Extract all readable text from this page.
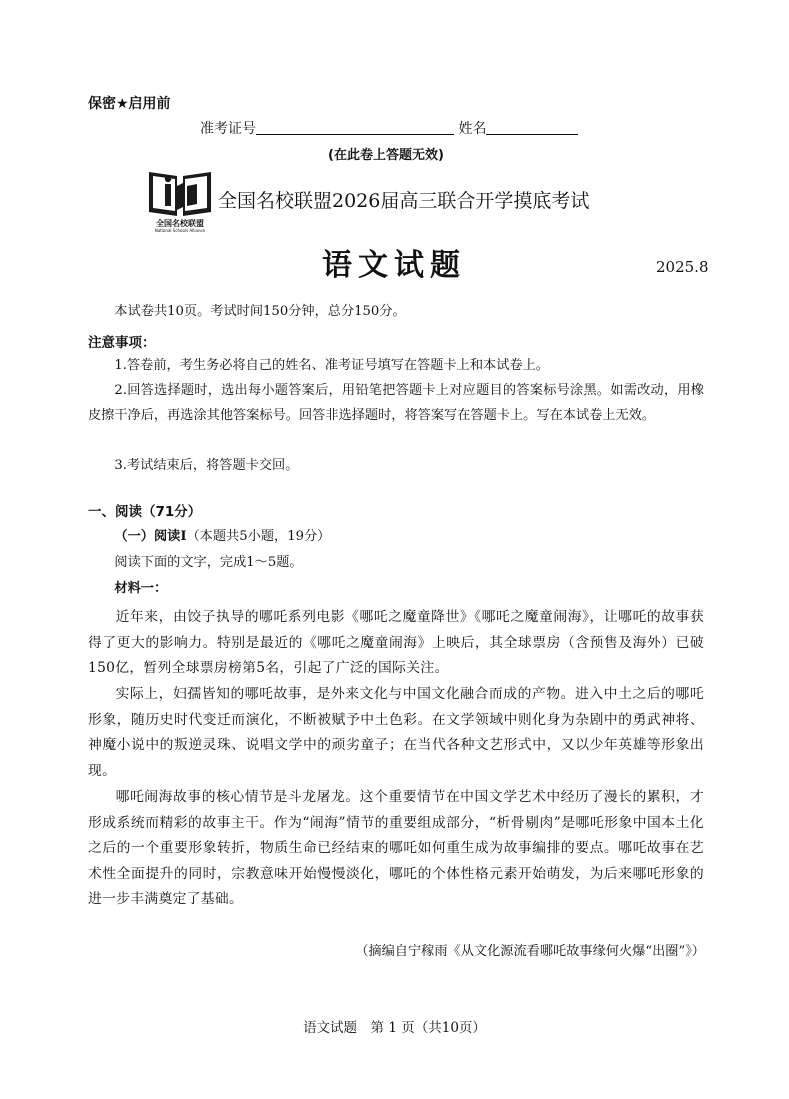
保密★启用前
准考证号	姓名
(在此卷上答题无效)
全国名校联盟
National Schools Alliance
全国名校联盟2026届高三联合开学摸底考试
语文试题	2025.8
本试卷共10页。考试时间150分钟，总分150分。
注意事项：
1.答卷前，考生务必将自己的姓名、准考证号填写在答题卡上和本试卷上。
2.回答选择题时，选出每小题答案后，用铅笔把答题卡上对应题目的答案标号涂黑。如需改动，用橡皮擦干净后，再选涂其他答案标号。回答非选择题时，将答案写在答题卡上。写在本试卷上无效。
3.考试结束后，将答题卡交回。
一、阅读（71分）
（一）阅读Ⅰ（本题共5小题，19分）
阅读下面的文字，完成1～5题。
材料一：
近年来，由饺子执导的哪吒系列电影《哪吒之魔童降世》《哪吒之魔童闹海》，让哪吒的故事获得了更大的影响力。特别是最近的《哪吒之魔童闹海》上映后，其全球票房（含预售及海外）已破150亿，暂列全球票房榜第5名，引起了广泛的国际关注。
实际上，妇孺皆知的哪吒故事，是外来文化与中国文化融合而成的产物。进入中土之后的哪吒形象，随历史时代变迁而演化，不断被赋予中土色彩。在文学领域中则化身为杂剧中的勇武神将、神魔小说中的叛逆灵珠、说唱文学中的顽劣童子；在当代各种文艺形式中，又以少年英雄等形象出现。
哪吒闹海故事的核心情节是斗龙屠龙。这个重要情节在中国文学艺术中经历了漫长的累积，才形成系统而精彩的故事主干。作为“闹海”情节的重要组成部分，“析骨剔肉”是哪吒形象中国本土化之后的一个重要形象转折，物质生命已经结束的哪吒如何重生成为故事编排的要点。哪吒故事在艺术性全面提升的同时，宗教意味开始慢慢淡化，哪吒的个体性格元素开始萌发，为后来哪吒形象的进一步丰满奠定了基础。
（摘编自宁稼雨《从文化源流看哪吒故事缘何火爆“出圈”》）
语文试题　第 1 页（共10页）
